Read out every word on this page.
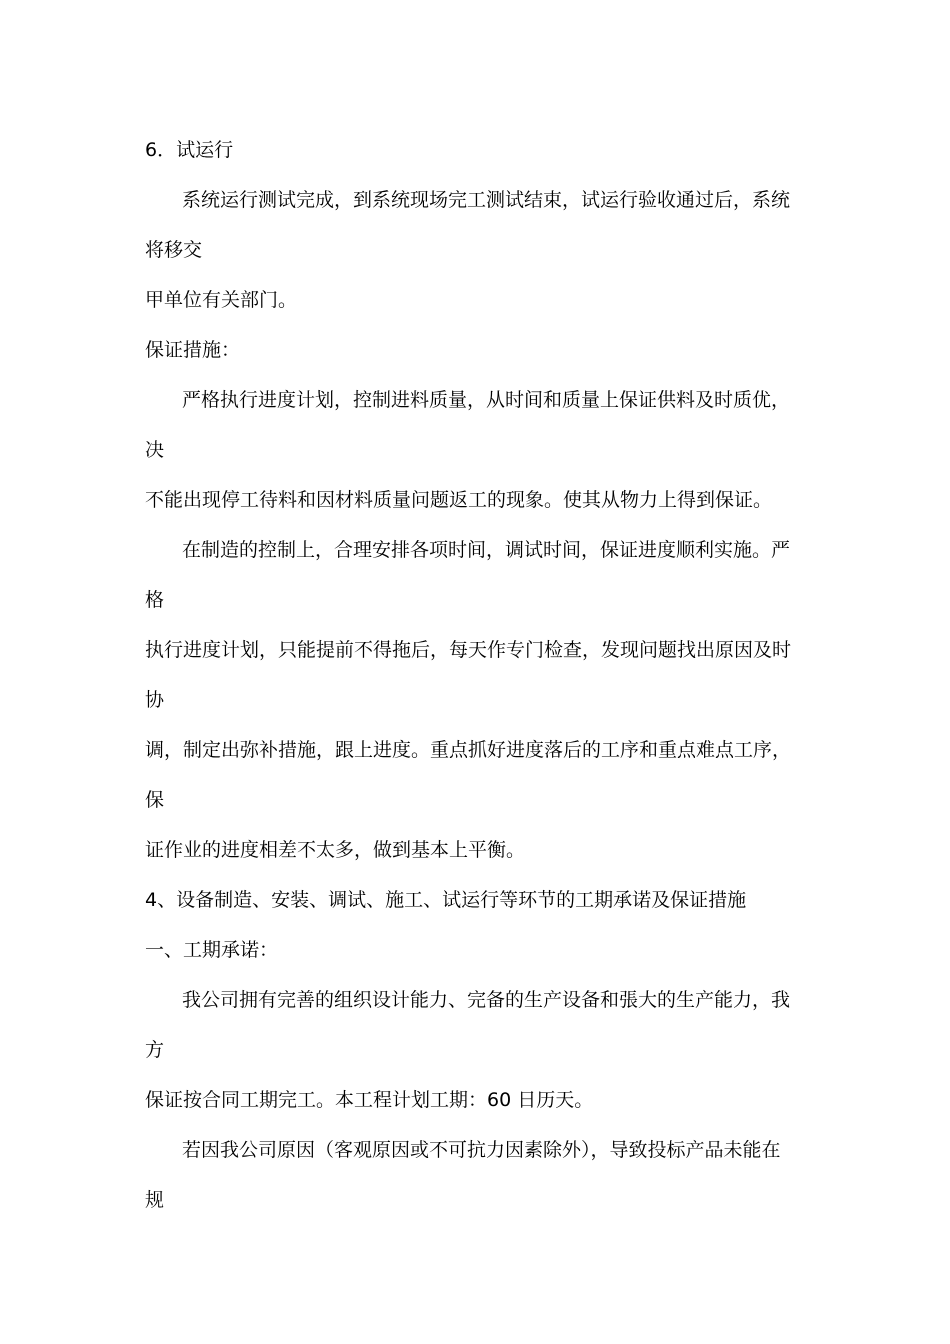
6．试运行
系统运行测试完成，到系统现场完工测试结束，试运行验收通过后，系统
将移交
甲单位有关部门。
保证措施：
严格执行进度计划，控制进料质量，从时间和质量上保证供料及时质优，
决
不能出现停工待料和因材料质量问题返工的现象。使其从物力上得到保证。
在制造的控制上，合理安排各项时间，调试时间，保证进度顺利实施。严
格
执行进度计划，只能提前不得拖后，每天作专门检查，发现问题找出原因及时
协
调，制定出弥补措施，跟上进度。重点抓好进度落后的工序和重点难点工序，
保
证作业的进度相差不太多，做到基本上平衡。
4、设备制造、安装、调试、施工、试运行等环节的工期承诺及保证措施
一、工期承诺：
我公司拥有完善的组织设计能力、完备的生产设备和張大的生产能力，我
方
保证按合同工期完工。本工程计划工期：60 日历天。
若因我公司原因（客观原因或不可抗力因素除外），导致投标产品未能在
规
